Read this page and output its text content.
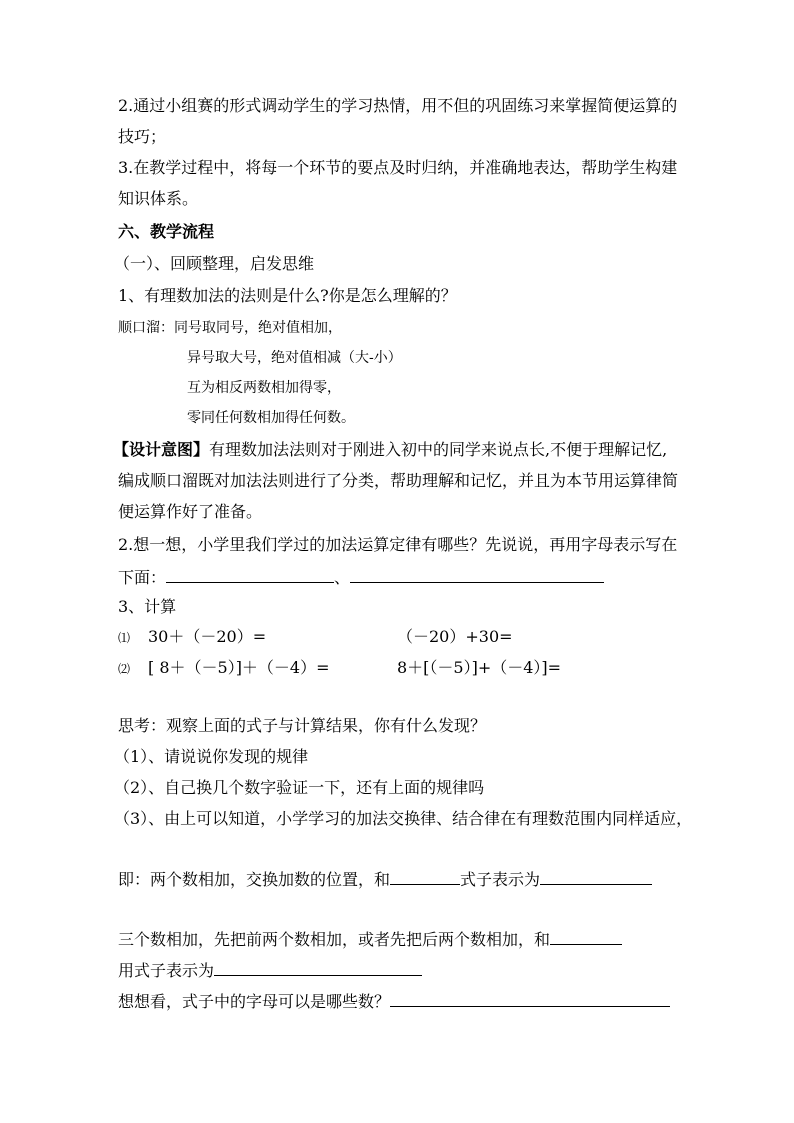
2.通过小组赛的形式调动学生的学习热情，用不但的巩固练习来掌握简便运算的
技巧；
3.在教学过程中，将每一个环节的要点及时归纳，并准确地表达，帮助学生构建
知识体系。
六、教学流程
（一）、回顾整理，启发思维
1、有理数加法的法则是什么?你是怎么理解的？
顺口溜：同号取同号，绝对值相加，
异号取大号，绝对值相减（大-小）
互为相反两数相加得零，
零同任何数相加得任何数。
【设计意图】有理数加法法则对于刚进入初中的同学来说点长,不便于理解记忆,
编成顺口溜既对加法法则进行了分类，帮助理解和记忆，并且为本节用运算律简
便运算作好了准备。
2.想一想，小学里我们学过的加法运算定律有哪些？先说说，再用字母表示写在
下面：	、
3、计算
⑴ 30＋（－20）=	（－20）+30=
⑵ [ 8＋（－5）]＋（－4）=	8＋[（－5）]+（－4）]=
思考：观察上面的式子与计算结果，你有什么发现？
（1）、请说说你发现的规律
（2）、自己换几个数字验证一下，还有上面的规律吗
（3）、由上可以知道，小学学习的加法交换律、结合律在有理数范围内同样适应，
即：两个数相加，交换加数的位置，和	式子表示为
三个数相加，先把前两个数相加，或者先把后两个数相加，和
用式子表示为
想想看，式子中的字母可以是哪些数？
